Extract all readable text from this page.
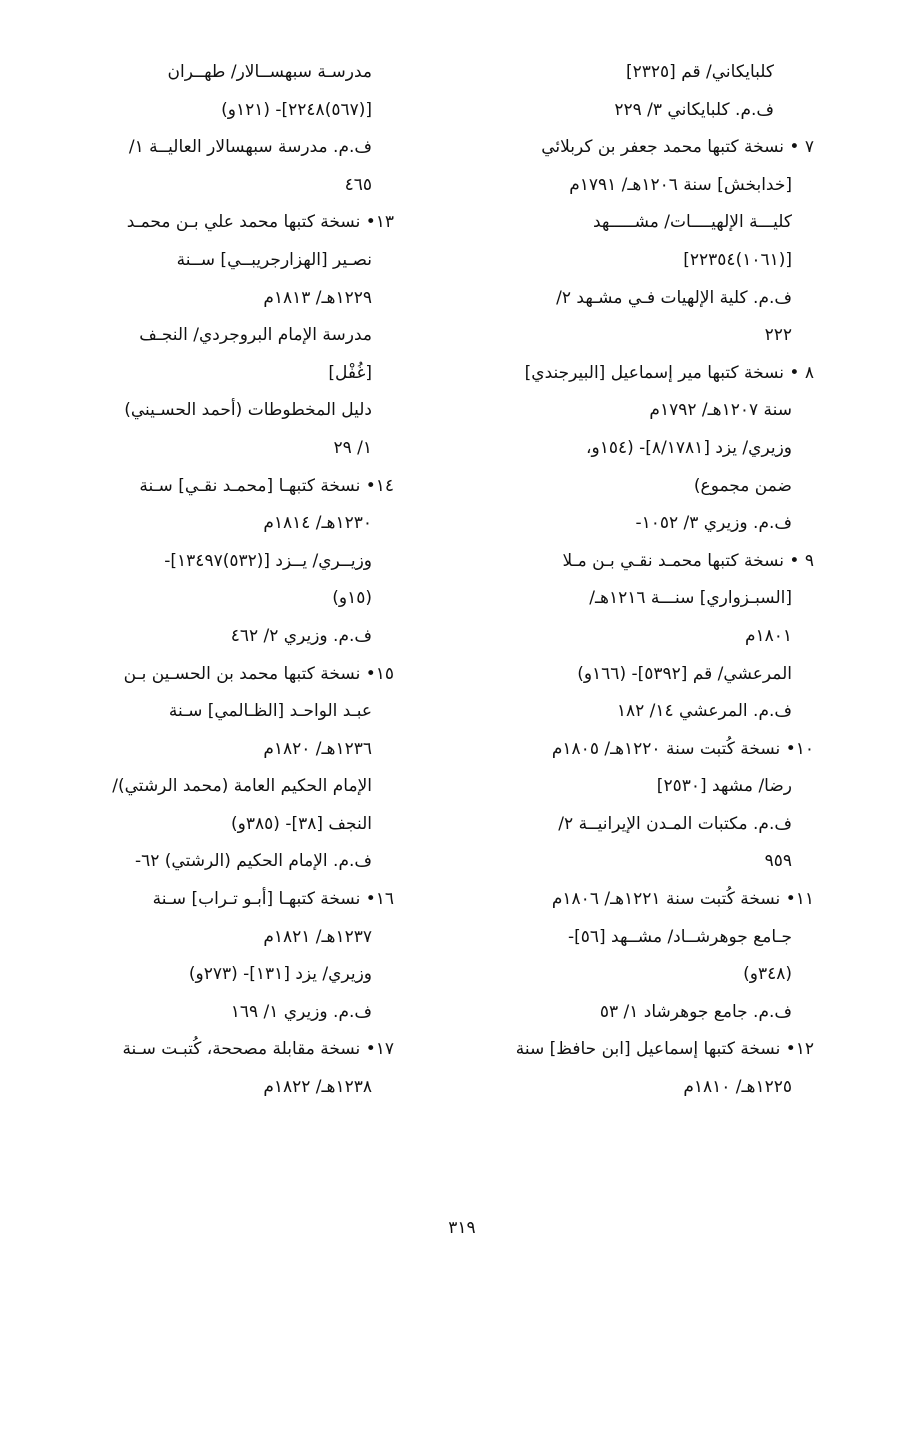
كلبايكاني/ قم [٢٣٢٥]
ف.م. كلبايكاني ٣/ ٢٢٩
٧ • نسخة كتبها محمد جعفر بن كربلائي
[خدابخش] سنة ١٢٠٦هـ/ ١٧٩١م
كليـــة الإلهيــــات/ مشـــــهد
[(١٠٦١)٢٢٣٥٤]
ف.م. كلية الإلهيات فـي مشـهد ٢/
٢٢٢
٨ • نسخة كتبها مير إسماعيل [البيرجندي]
سنة ١٢٠٧هـ/ ١٧٩٢م
وزيري/ يزد [٨/١٧٨١]- (١٥٤و،
ضمن مجموع)
ف.م. وزيري ٣/ ١٠٥٢-
٩ • نسخة كتبها محمـد نقـي بـن مـلا
[السبـزواري] سنـــة ١٢١٦هـ/
١٨٠١م
المرعشي/ قم [٥٣٩٢]- (١٦٦و)
ف.م. المرعشي ١٤/ ١٨٢
١٠• نسخة كُتبت سنة ١٢٢٠هـ/ ١٨٠٥م
رضا/ مشهد [٢٥٣٠]
ف.م. مكتبات المـدن الإيرانيــة ٢/
٩٥٩
١١• نسخة كُتبت سنة ١٢٢١هـ/ ١٨٠٦م
جـامع جوهرشــاد/ مشــهد [٥٦]-
(٣٤٨و)
ف.م. جامع جوهرشاد ١/ ٥٣
١٢• نسخة كتبها إسماعيل [ابن حافظ] سنة
١٢٢٥هـ/ ١٨١٠م
مدرسـة سبهســالار/ طهــران
[(٥٦٧)٢٢٤٨]- (١٢١و)
ف.م. مدرسة سبهسالار العاليــة ١/
٤٦٥
١٣• نسخة كتبها محمد علي بـن محمـد
نصـير [الهزارجريبــي] ســنة
١٢٢٩هـ/ ١٨١٣م
مدرسة الإمام البروجردي/ النجـف
[غُفْل]
دليل المخطوطات (أحمد الحسـيني)
١/ ٢٩
١٤• نسخة كتبهـا [محمـد نقـي] سـنة
١٢٣٠هـ/ ١٨١٤م
وزيــري/ يــزد [(٥٣٢)١٣٤٩٧]-
(١٥و)
ف.م. وزيري ٢/ ٤٦٢
١٥• نسخة كتبها محمد بن الحسـين بـن
عبـد الواحـد [الظـالمي] سـنة
١٢٣٦هـ/ ١٨٢٠م
الإمام الحكيم العامة (محمد الرشتي)/
النجف [٣٨]- (٣٨٥و)
ف.م. الإمام الحكيم (الرشتي) ٦٢-
١٦• نسخة كتبهـا [أبـو تـراب] سـنة
١٢٣٧هـ/ ١٨٢١م
وزيري/ يزد [١٣١]- (٢٧٣و)
ف.م. وزيري ١/ ١٦٩
١٧• نسخة مقابلة مصححة، كُتبـت سـنة
١٢٣٨هـ/ ١٨٢٢م
٣١٩
